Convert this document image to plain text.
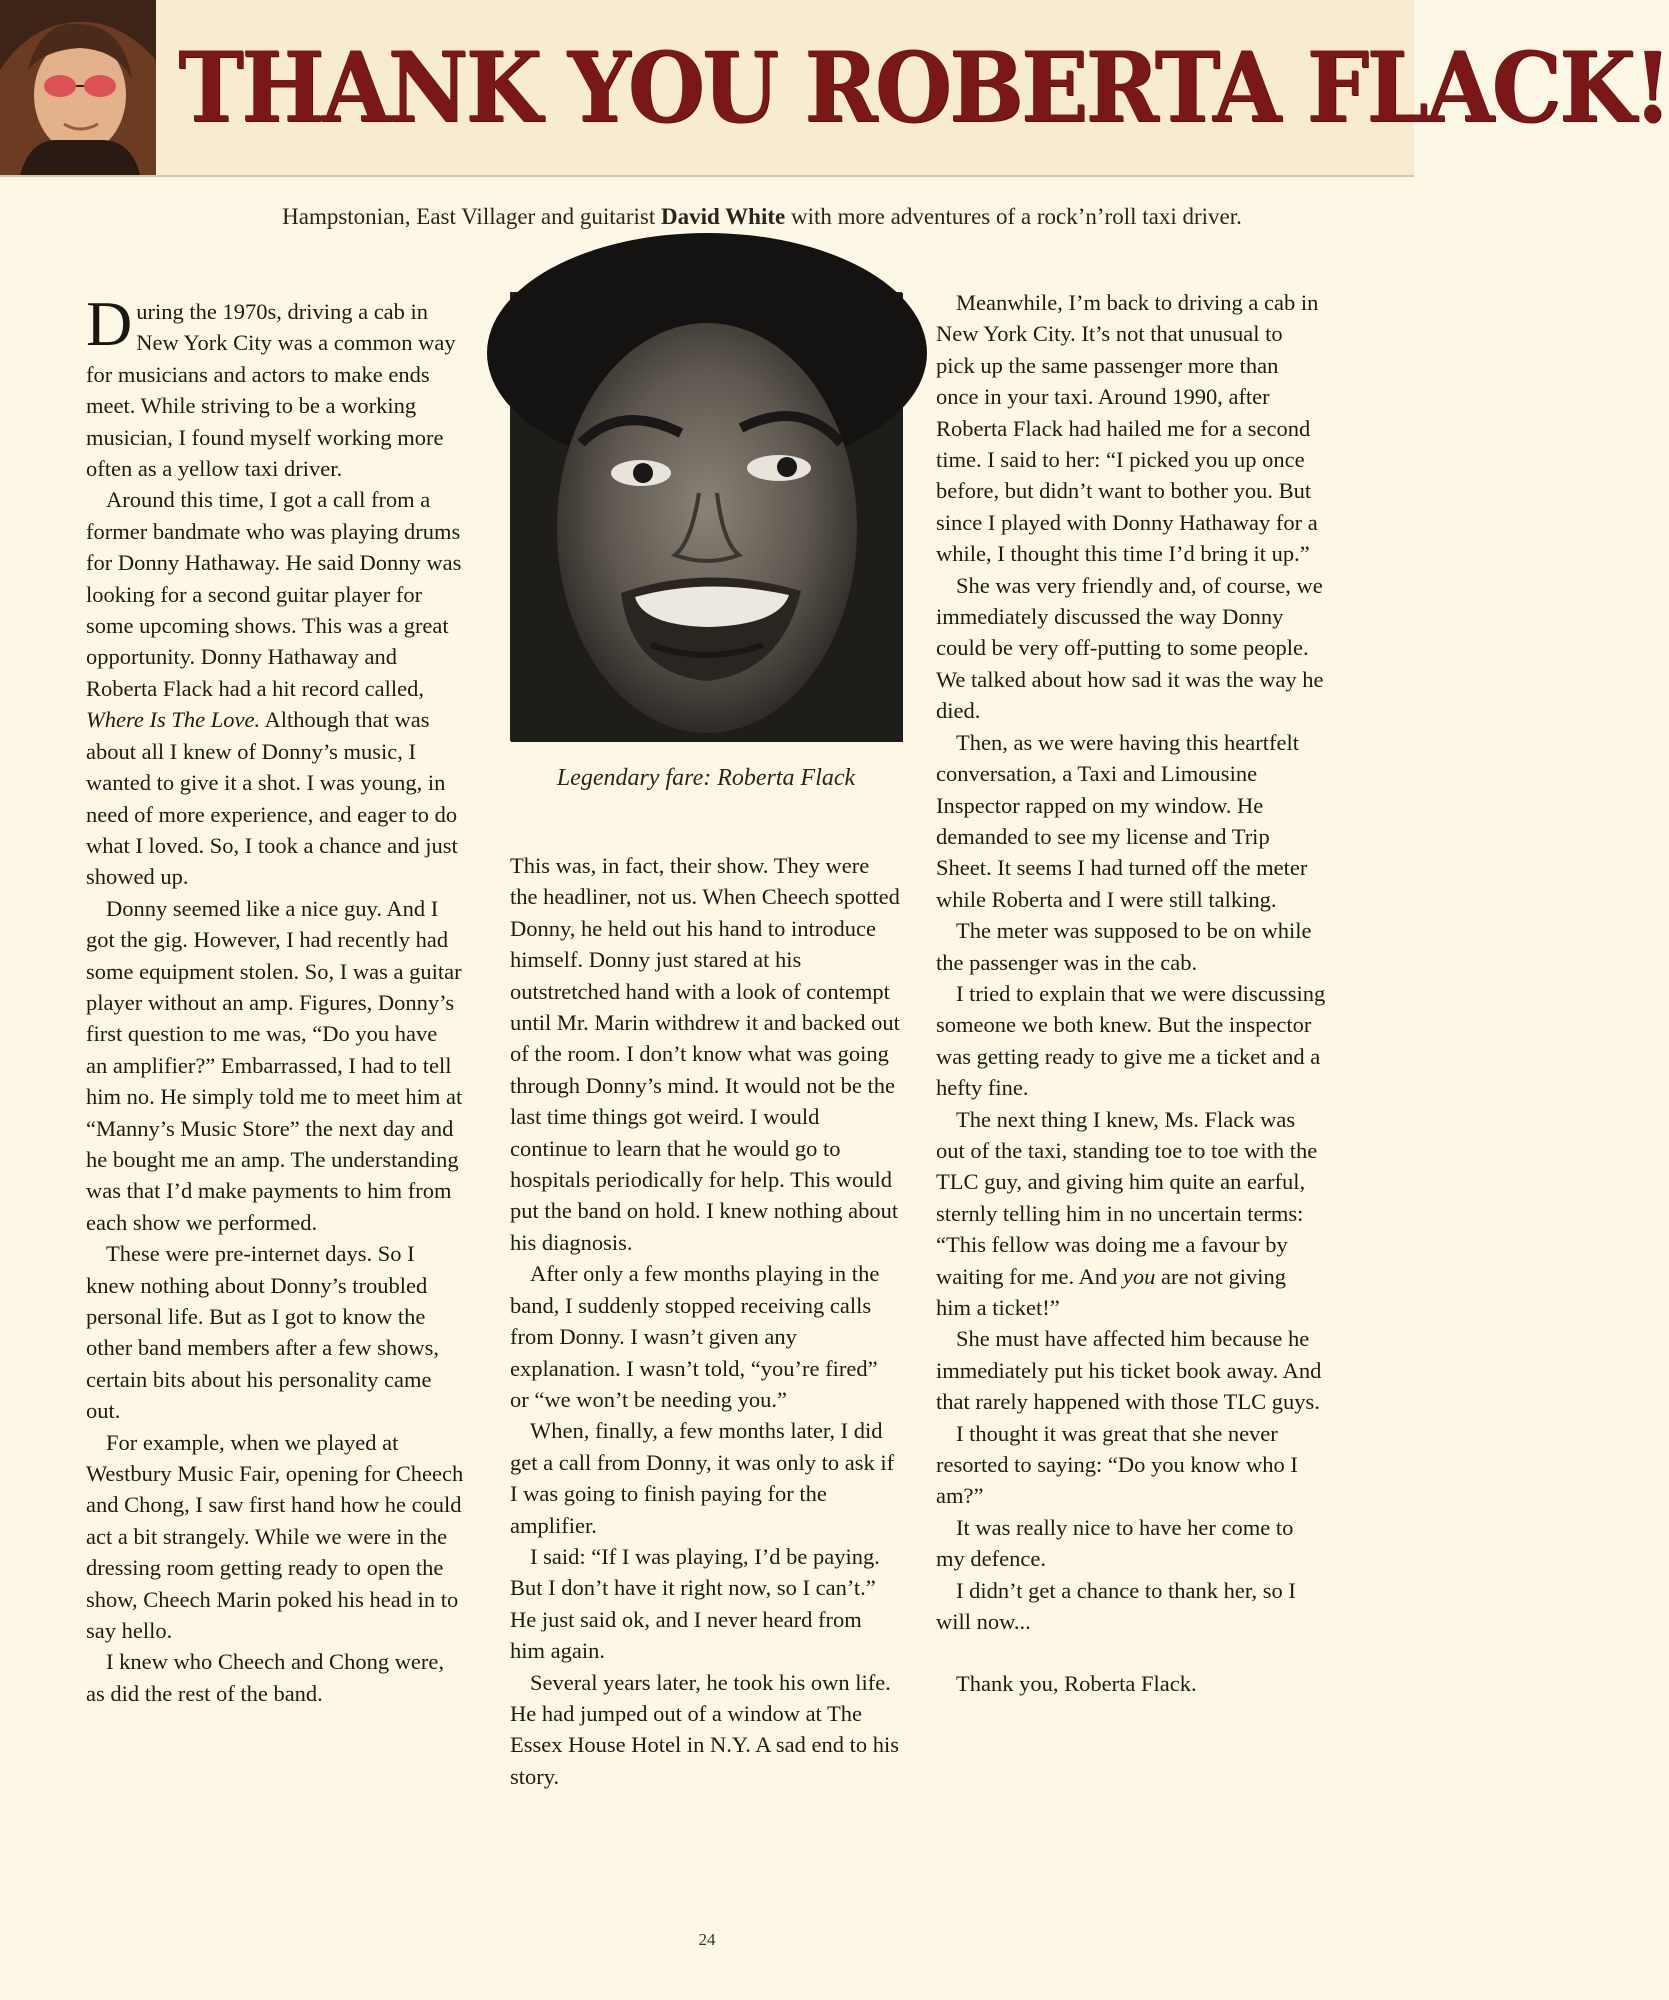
THANK YOU ROBERTA FLACK!

Hampstonian, East Villager and guitarist David White with more adventures of a rock’n’roll taxi driver.

During the 1970s, driving a cab in New York City was a common way for musicians and actors to make ends meet. While striving to be a working musician, I found myself working more often as a yellow taxi driver.

Around this time, I got a call from a former bandmate who was playing drums for Donny Hathaway. He said Donny was looking for a second guitar player for some upcoming shows. This was a great opportunity. Donny Hathaway and Roberta Flack had a hit record called, Where Is The Love. Although that was about all I knew of Donny’s music, I wanted to give it a shot. I was young, in need of more experience, and eager to do what I loved. So, I took a chance and just showed up.

Donny seemed like a nice guy. And I got the gig. However, I had recently had some equipment stolen. So, I was a guitar player without an amp. Figures, Donny’s first question to me was, “Do you have an amplifier?” Embarrassed, I had to tell him no. He simply told me to meet him at “Manny’s Music Store” the next day and he bought me an amp. The understanding was that I’d make payments to him from each show we performed.

These were pre-internet days. So I knew nothing about Donny’s troubled personal life. But as I got to know the other band members after a few shows, certain bits about his personality came out.

For example, when we played at Westbury Music Fair, opening for Cheech and Chong, I saw first hand how he could act a bit strangely. While we were in the dressing room getting ready to open the show, Cheech Marin poked his head in to say hello.

I knew who Cheech and Chong were, as did the rest of the band.

Legendary fare: Roberta Flack

This was, in fact, their show. They were the headliner, not us. When Cheech spotted Donny, he held out his hand to introduce himself. Donny just stared at his outstretched hand with a look of contempt until Mr. Marin withdrew it and backed out of the room. I don’t know what was going through Donny’s mind. It would not be the last time things got weird. I would continue to learn that he would go to hospitals periodically for help. This would put the band on hold. I knew nothing about his diagnosis.

After only a few months playing in the band, I suddenly stopped receiving calls from Donny. I wasn’t given any explanation. I wasn’t told, “you’re fired” or “we won’t be needing you.”

When, finally, a few months later, I did get a call from Donny, it was only to ask if I was going to finish paying for the amplifier.

I said: “If I was playing, I’d be paying. But I don’t have it right now, so I can’t.” He just said ok, and I never heard from him again.

Several years later, he took his own life. He had jumped out of a window at The Essex House Hotel in N.Y. A sad end to his story.

Meanwhile, I’m back to driving a cab in New York City. It’s not that unusual to pick up the same passenger more than once in your taxi. Around 1990, after Roberta Flack had hailed me for a second time. I said to her: “I picked you up once before, but didn’t want to bother you. But since I played with Donny Hathaway for a while, I thought this time I’d bring it up.”

She was very friendly and, of course, we immediately discussed the way Donny could be very off-putting to some people. We talked about how sad it was the way he died.

Then, as we were having this heartfelt conversation, a Taxi and Limousine Inspector rapped on my window. He demanded to see my license and Trip Sheet. It seems I had turned off the meter while Roberta and I were still talking.

The meter was supposed to be on while the passenger was in the cab.

I tried to explain that we were discussing someone we both knew. But the inspector was getting ready to give me a ticket and a hefty fine.

The next thing I knew, Ms. Flack was out of the taxi, standing toe to toe with the TLC guy, and giving him quite an earful, sternly telling him in no uncertain terms: “This fellow was doing me a favour by waiting for me. And you are not giving him a ticket!”

She must have affected him because he immediately put his ticket book away. And that rarely happened with those TLC guys.

I thought it was great that she never resorted to saying: “Do you know who I am?”

It was really nice to have her come to my defence.

I didn’t get a chance to thank her, so I will now...

Thank you, Roberta Flack.

24
